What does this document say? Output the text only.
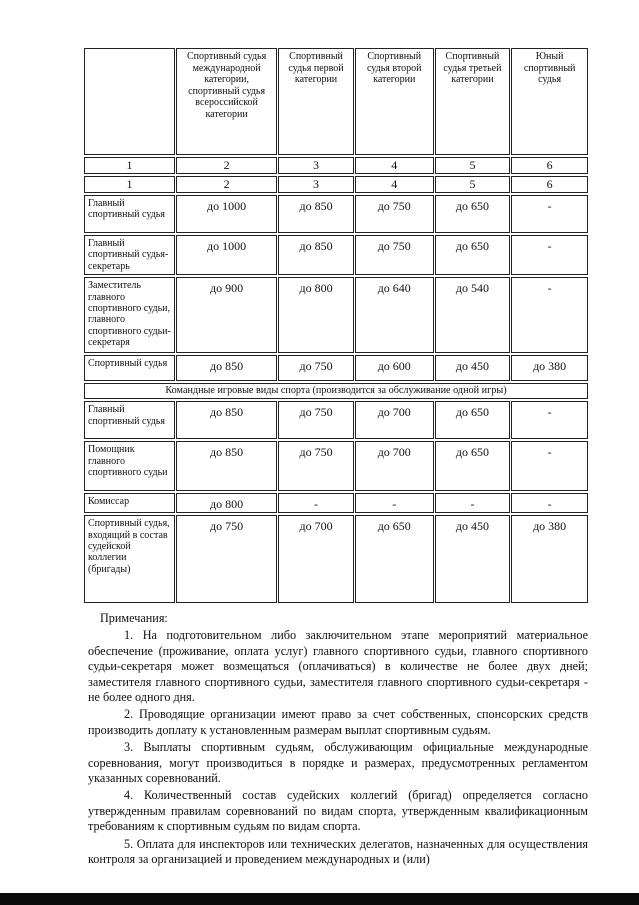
	Спортивный судья международной категории, спортивный судья всероссийской категории	Спортивный судья первой категории	Спортивный судья второй категории	Спортивный судья третьей категории	Юный спортивный судья
1	2	3	4	5	6
1	2	3	4	5	6
Главный спортивный судья	до 1000	до 850	до 750	до 650	-
Главный спортивный судья-секретарь	до 1000	до 850	до 750	до 650	-
Заместитель главного спортивного судьи, главного спортивного судьи-секретаря	до 900	до 800	до 640	до 540	-
Спортивный судья	до 850	до 750	до 600	до 450	до 380
Командные игровые виды спорта (производится за обслуживание одной игры)					
Главный спортивный судья	до 850	до 750	до 700	до 650	-
Помощник главного спортивного судьи	до 850	до 750	до 700	до 650	-
Комиссар	до 800	-	-	-	-
Спортивный судья, входящий в состав судейской коллегии (бригады)	до 750	до 700	до 650	до 450	до 380

Примечания:

1. На подготовительном либо заключительном этапе мероприятий материальное обеспечение (проживание, оплата услуг) главного спортивного судьи, главного спортивного судьи-секретаря может возмещаться (оплачиваться) в количестве не более двух дней; заместителя главного спортивного судьи, заместителя главного спортивного судьи-секретаря - не более одного дня.

2. Проводящие организации имеют право за счет собственных, спонсорских средств производить доплату к установленным размерам выплат спортивным судьям.

3. Выплаты спортивным судьям, обслуживающим официальные международные соревнования, могут производиться в порядке и размерах, предусмотренных регламентом указанных соревнований.

4. Количественный состав судейских коллегий (бригад) определяется согласно утвержденным правилам соревнований по видам спорта, утвержденным квалификационным требованиям к спортивным судьям по видам спорта.

5. Оплата для инспекторов или технических делегатов, назначенных для осуществления контроля за организацией и проведением международных и (или)
